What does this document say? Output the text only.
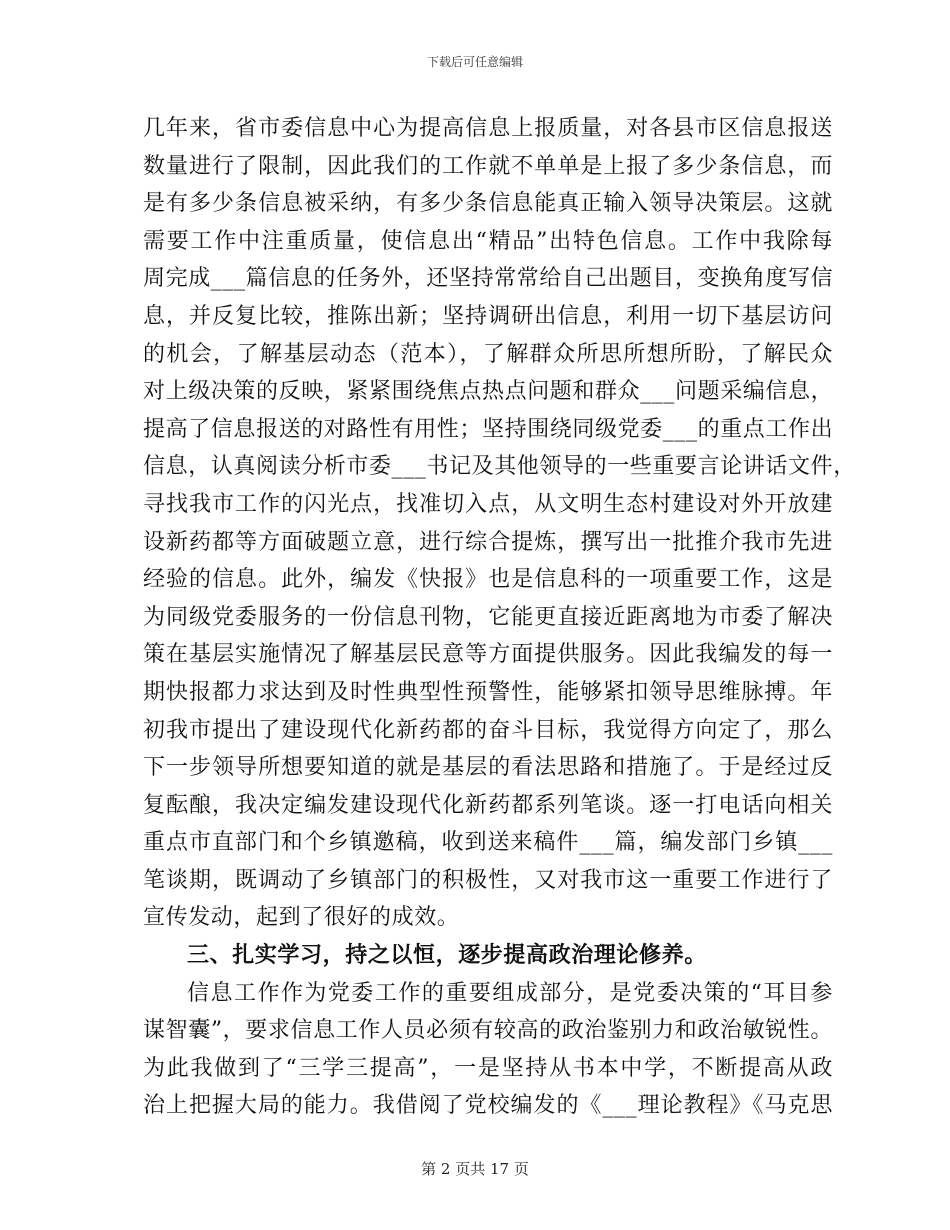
下载后可任意编辑
几年来，省市委信息中心为提高信息上报质量，对各县市区信息报送
数量进行了限制，因此我们的工作就不单单是上报了多少条信息，而
是有多少条信息被采纳，有多少条信息能真正输入领导决策层。这就
需要工作中注重质量，使信息出“精品”出特色信息。工作中我除每
周完成___篇信息的任务外，还坚持常常给自己出题目，变换角度写信
息，并反复比较，推陈出新；坚持调研出信息，利用一切下基层访问
的机会，了解基层动态（范本），了解群众所思所想所盼，了解民众
对上级决策的反映，紧紧围绕焦点热点问题和群众___问题采编信息，
提高了信息报送的对路性有用性；坚持围绕同级党委___的重点工作出
信息，认真阅读分析市委___书记及其他领导的一些重要言论讲话文件，
寻找我市工作的闪光点，找准切入点，从文明生态村建设对外开放建
设新药都等方面破题立意，进行综合提炼，撰写出一批推介我市先进
经验的信息。此外，编发《快报》也是信息科的一项重要工作，这是
为同级党委服务的一份信息刊物，它能更直接近距离地为市委了解决
策在基层实施情况了解基层民意等方面提供服务。因此我编发的每一
期快报都力求达到及时性典型性预警性，能够紧扣领导思维脉搏。年
初我市提出了建设现代化新药都的奋斗目标，我觉得方向定了，那么
下一步领导所想要知道的就是基层的看法思路和措施了。于是经过反
复酝酿，我决定编发建设现代化新药都系列笔谈。逐一打电话向相关
重点市直部门和个乡镇邀稿，收到送来稿件___篇，编发部门乡镇___
笔谈期，既调动了乡镇部门的积极性，又对我市这一重要工作进行了
宣传发动，起到了很好的成效。
三、扎实学习，持之以恒，逐步提高政治理论修养。
信息工作作为党委工作的重要组成部分，是党委决策的“耳目参
谋智囊”，要求信息工作人员必须有较高的政治鉴别力和政治敏锐性。
为此我做到了“三学三提高”，一是坚持从书本中学，不断提高从政
治上把握大局的能力。我借阅了党校编发的《___理论教程》《马克思
第 2 页共 17 页
